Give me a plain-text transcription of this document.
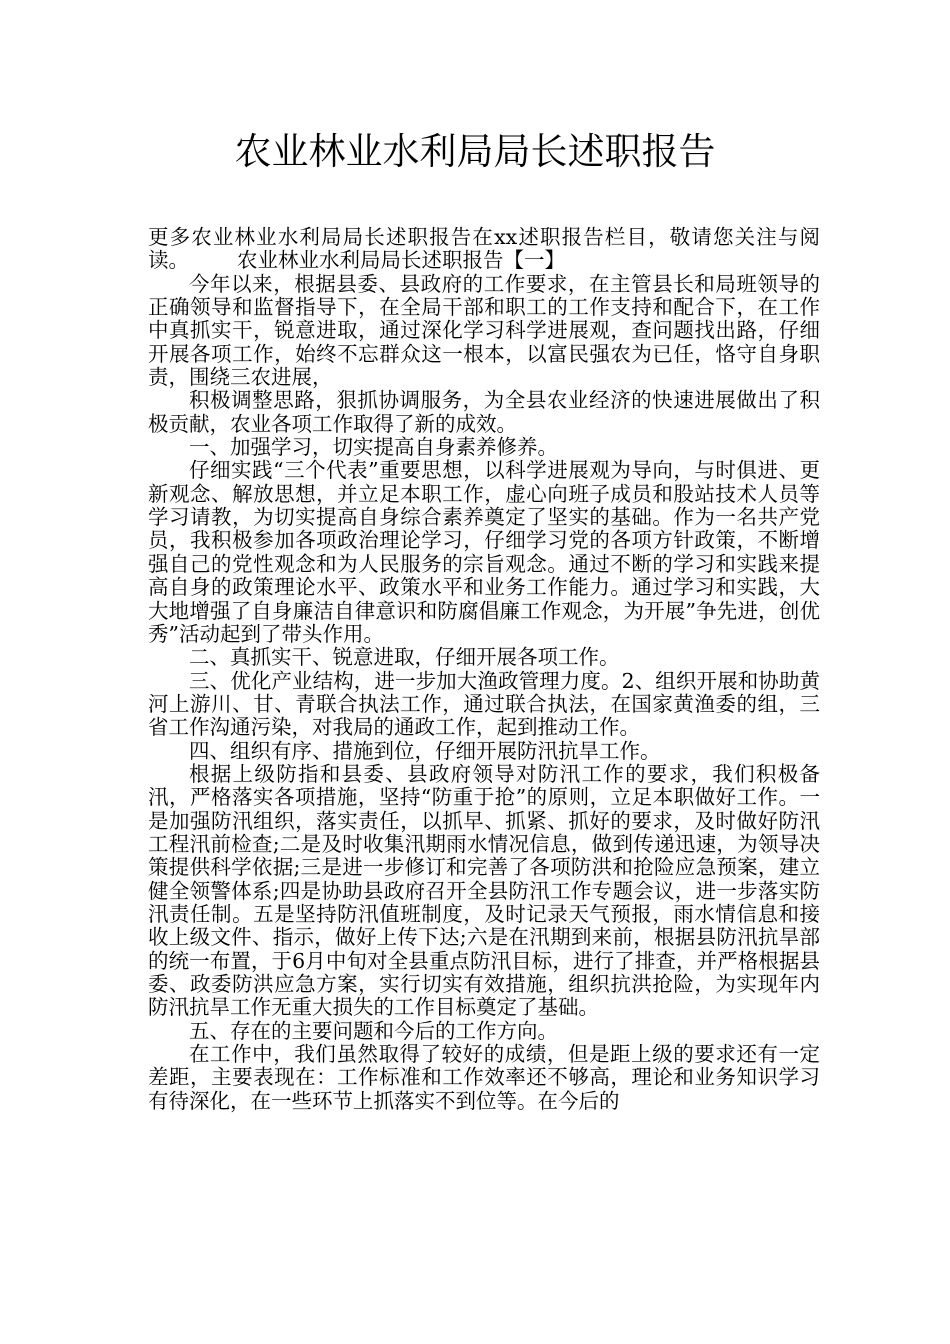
农业林业水利局局长述职报告

更多农业林业水利局局长述职报告在xx述职报告栏目，敬请您关注与阅读。 农业林业水利局局长述职报告【一】

今年以来，根据县委、县政府的工作要求，在主管县长和局班领导的正确领导和监督指导下，在全局干部和职工的工作支持和配合下，在工作中真抓实干，锐意进取，通过深化学习科学进展观，查问题找出路，仔细开展各项工作，始终不忘群众这一根本，以富民强农为已任，恪守自身职责，围绕三农进展，

积极调整思路，狠抓协调服务，为全县农业经济的快速进展做出了积极贡献，农业各项工作取得了新的成效。

一、加强学习，切实提高自身素养修养。

仔细实践“三个代表”重要思想，以科学进展观为导向，与时俱进、更新观念、解放思想，并立足本职工作，虚心向班子成员和股站技术人员等学习请教，为切实提高自身综合素养奠定了坚实的基础。作为一名共产党员，我积极参加各项政治理论学习，仔细学习党的各项方针政策，不断增强自己的党性观念和为人民服务的宗旨观念。通过不断的学习和实践来提高自身的政策理论水平、政策水平和业务工作能力。通过学习和实践，大大地增强了自身廉洁自律意识和防腐倡廉工作观念，为开展”争先进，创优秀”活动起到了带头作用。

二、真抓实干、锐意进取，仔细开展各项工作。

三、优化产业结构，进一步加大渔政管理力度。2、组织开展和协助黄河上游川、甘、青联合执法工作，通过联合执法，在国家黄渔委的组，三省工作沟通污染，对我局的通政工作，起到推动工作。

四、组织有序、措施到位，仔细开展防汛抗旱工作。

根据上级防指和县委、县政府领导对防汛工作的要求，我们积极备汛，严格落实各项措施，坚持“防重于抢”的原则，立足本职做好工作。一是加强防汛组织，落实责任，以抓早、抓紧、抓好的要求，及时做好防汛工程汛前检查;二是及时收集汛期雨水情况信息，做到传递迅速，为领导决策提供科学依据;三是进一步修订和完善了各项防洪和抢险应急预案，建立健全领警体系;四是协助县政府召开全县防汛工作专题会议，进一步落实防汛责任制。五是坚持防汛值班制度，及时记录天气预报，雨水情信息和接收上级文件、指示，做好上传下达;六是在汛期到来前，根据县防汛抗旱部的统一布置，于6月中旬对全县重点防汛目标，进行了排查，并严格根据县委、政委防洪应急方案，实行切实有效措施，组织抗洪抢险，为实现年内防汛抗旱工作无重大损失的工作目标奠定了基础。

五、存在的主要问题和今后的工作方向。

在工作中，我们虽然取得了较好的成绩，但是距上级的要求还有一定差距，主要表现在：工作标准和工作效率还不够高，理论和业务知识学习有待深化，在一些环节上抓落实不到位等。在今后的
